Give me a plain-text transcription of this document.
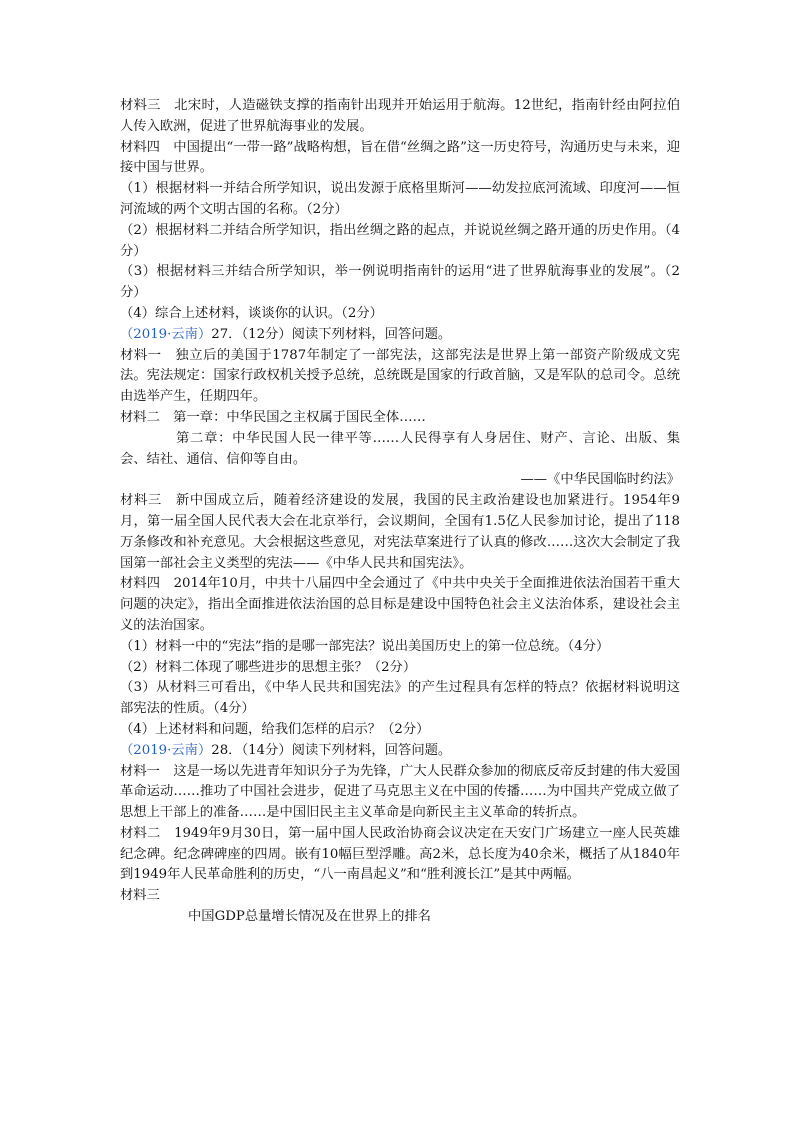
材料三　北宋时，人造磁铁支撑的指南针出现并开始运用于航海。12世纪，指南针经由阿拉伯人传入欧洲，促进了世界航海事业的发展。

材料四　中国提出“一带一路”战略构想，旨在借“丝绸之路”这一历史符号，沟通历史与未来，迎接中国与世界。

（1）根据材料一并结合所学知识，说出发源于底格里斯河——幼发拉底河流域、印度河——恒河流域的两个文明古国的名称。（2分）

（2）根据材料二并结合所学知识，指出丝绸之路的起点，并说说丝绸之路开通的历史作用。（4分）

（3）根据材料三并结合所学知识，举一例说明指南针的运用“进了世界航海事业的发展”。（2分）

（4）综合上述材料，谈谈你的认识。（2分）

（2019·云南）27．（12分）阅读下列材料，回答问题。

材料一　独立后的美国于1787年制定了一部宪法，这部宪法是世界上第一部资产阶级成文宪法。宪法规定：国家行政权机关授予总统，总统既是国家的行政首脑，又是军队的总司令。总统由选举产生，任期四年。

材料二　第一章：中华民国之主权属于国民全体……

第二章：中华民国人民一律平等……人民得享有人身居住、财产、言论、出版、集会、结社、通信、信仰等自由。

——《中华民国临时约法》

材料三　新中国成立后，随着经济建设的发展，我国的民主政治建设也加紧进行。1954年9月，第一届全国人民代表大会在北京举行，会议期间，全国有1.5亿人民参加讨论，提出了118万条修改和补充意见。大会根据这些意见，对宪法草案进行了认真的修改……这次大会制定了我国第一部社会主义类型的宪法——《中华人民共和国宪法》。

材料四　2014年10月，中共十八届四中全会通过了《中共中央关于全面推进依法治国若干重大问题的决定》，指出全面推进依法治国的总目标是建设中国特色社会主义法治体系，建设社会主义的法治国家。

（1）材料一中的“宪法”指的是哪一部宪法？说出美国历史上的第一位总统。（4分）

（2）材料二体现了哪些进步的思想主张？（2分）

（3）从材料三可看出，《中华人民共和国宪法》的产生过程具有怎样的特点？依据材料说明这部宪法的性质。（4分）

（4）上述材料和问题，给我们怎样的启示？（2分）

（2019·云南）28．（14分）阅读下列材料，回答问题。

材料一　这是一场以先进青年知识分子为先锋，广大人民群众参加的彻底反帝反封建的伟大爱国革命运动……推功了中国社会进步，促进了马克思主义在中国的传播……为中国共产党成立做了思想上干部上的准备……是中国旧民主主义革命是向新民主主义革命的转折点。

材料二　1949年9月30日，第一届中国人民政治协商会议决定在天安门广场建立一座人民英雄纪念碑。纪念碑碑座的四周。嵌有10幅巨型浮雕。高2米，总长度为40余米，概括了从1840年到1949年人民革命胜利的历史，“八一南昌起义”和“胜利渡长江”是其中两幅。

材料三

中国GDP总量增长情况及在世界上的排名
